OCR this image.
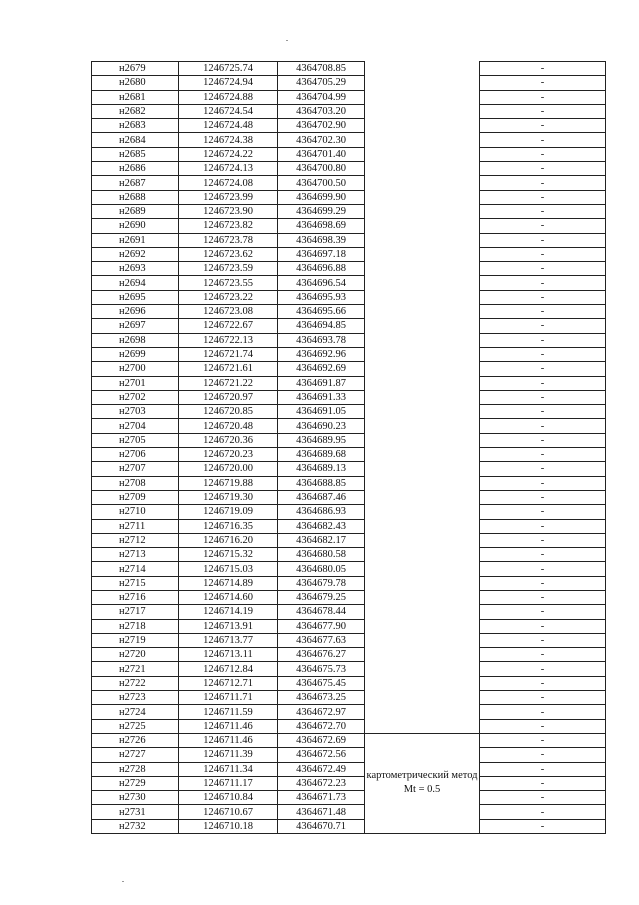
н2679	1246725.74	4364708.85		-
н2680	1246724.94	4364705.29		-
н2681	1246724.88	4364704.99		-
н2682	1246724.54	4364703.20		-
н2683	1246724.48	4364702.90		-
н2684	1246724.38	4364702.30		-
н2685	1246724.22	4364701.40		-
н2686	1246724.13	4364700.80		-
н2687	1246724.08	4364700.50		-
н2688	1246723.99	4364699.90		-
н2689	1246723.90	4364699.29		-
н2690	1246723.82	4364698.69		-
н2691	1246723.78	4364698.39		-
н2692	1246723.62	4364697.18		-
н2693	1246723.59	4364696.88		-
н2694	1246723.55	4364696.54		-
н2695	1246723.22	4364695.93		-
н2696	1246723.08	4364695.66		-
н2697	1246722.67	4364694.85		-
н2698	1246722.13	4364693.78		-
н2699	1246721.74	4364692.96		-
н2700	1246721.61	4364692.69		-
н2701	1246721.22	4364691.87		-
н2702	1246720.97	4364691.33		-
н2703	1246720.85	4364691.05		-
н2704	1246720.48	4364690.23		-
н2705	1246720.36	4364689.95		-
н2706	1246720.23	4364689.68		-
н2707	1246720.00	4364689.13		-
н2708	1246719.88	4364688.85		-
н2709	1246719.30	4364687.46		-
н2710	1246719.09	4364686.93		-
н2711	1246716.35	4364682.43		-
н2712	1246716.20	4364682.17		-
н2713	1246715.32	4364680.58		-
н2714	1246715.03	4364680.05		-
н2715	1246714.89	4364679.78		-
н2716	1246714.60	4364679.25		-
н2717	1246714.19	4364678.44		-
н2718	1246713.91	4364677.90		-
н2719	1246713.77	4364677.63		-
н2720	1246713.11	4364676.27		-
н2721	1246712.84	4364675.73		-
н2722	1246712.71	4364675.45		-
н2723	1246711.71	4364673.25		-
н2724	1246711.59	4364672.97		-
н2725	1246711.46	4364672.70		-
н2726	1246711.46	4364672.69	картометрический метод Mt = 0.5	-
н2727	1246711.39	4364672.56		-
н2728	1246711.34	4364672.49		-
н2729	1246711.17	4364672.23		-
н2730	1246710.84	4364671.73		-
н2731	1246710.67	4364671.48		-
н2732	1246710.18	4364670.71		-
